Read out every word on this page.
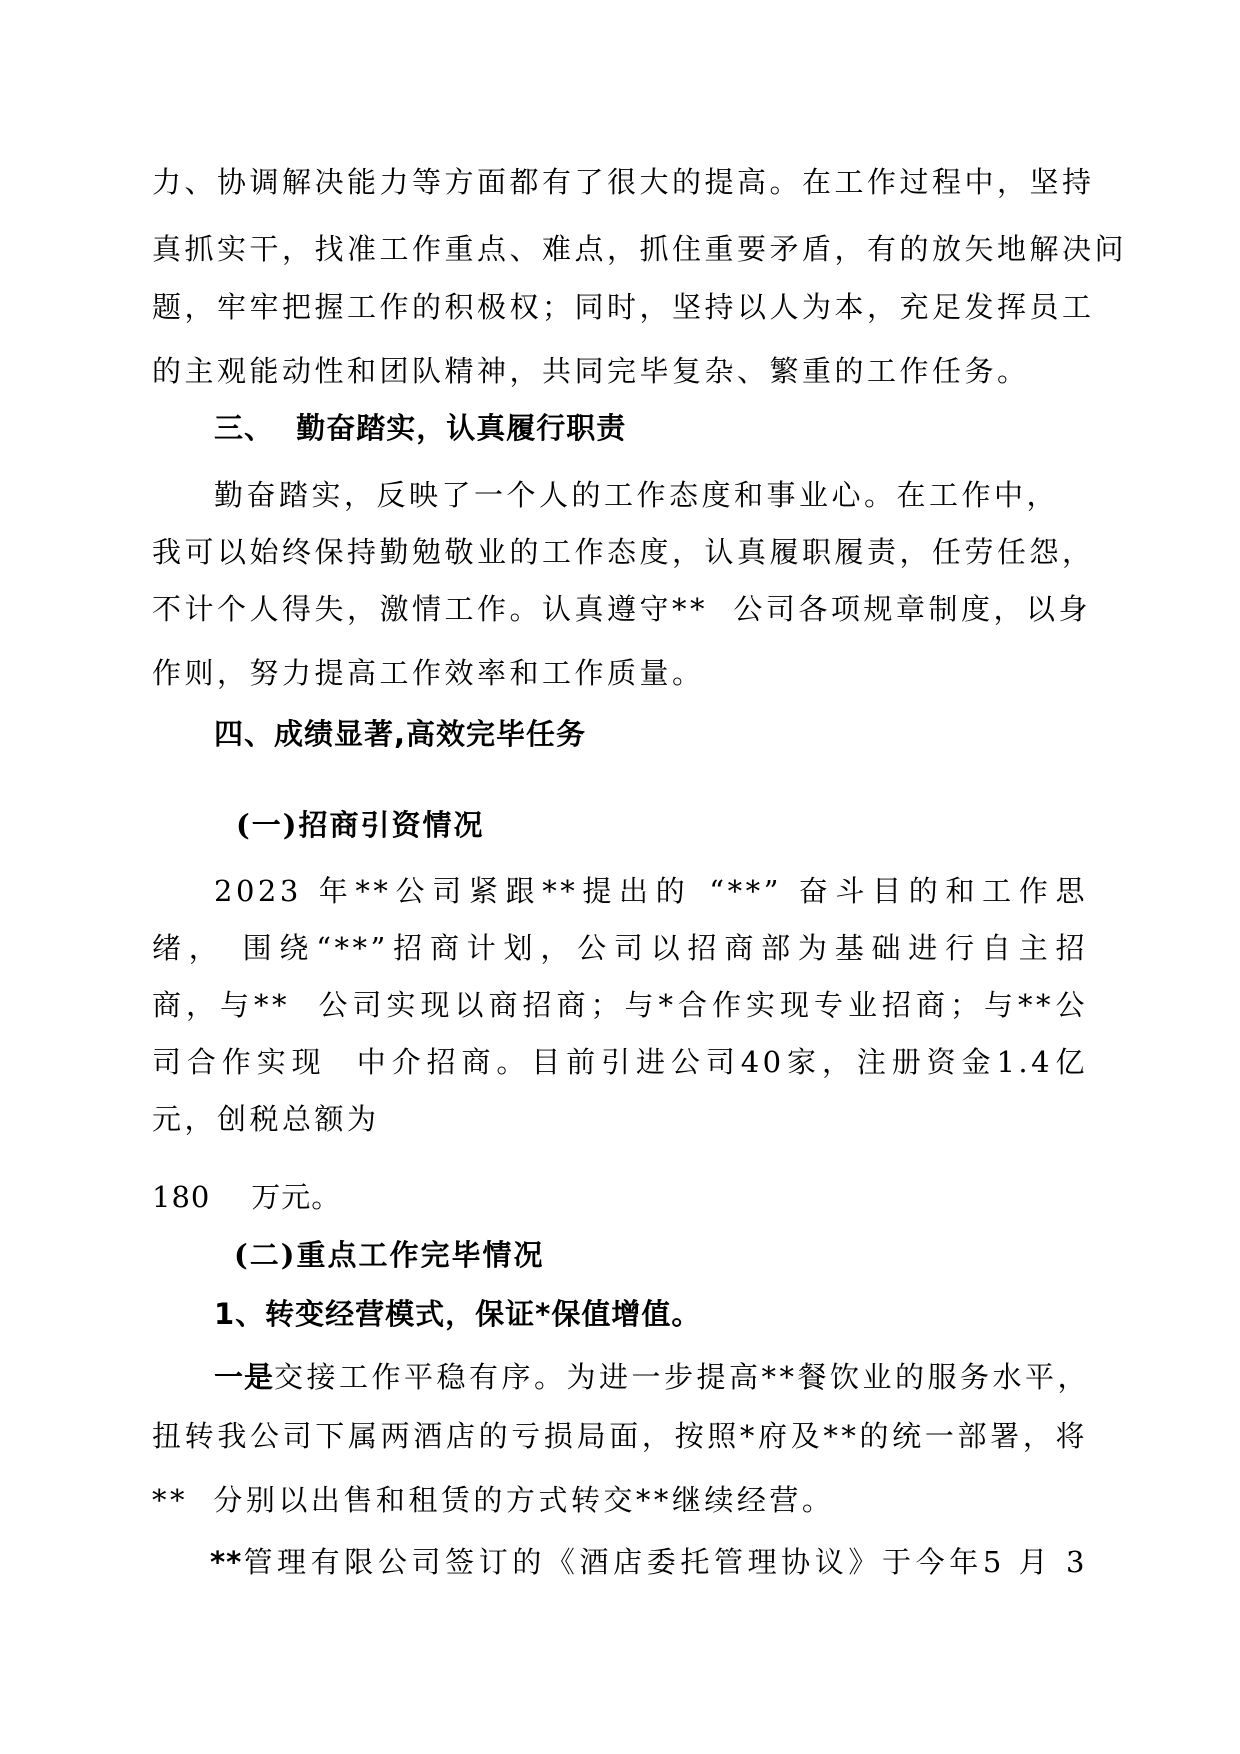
力、协调解决能力等方面都有了很大的提高。在工作过程中，坚持
真抓实干，找准工作重点、难点，抓住重要矛盾，有的放矢地解决问
题，牢牢把握工作的积极权；同时，坚持以人为本，充足发挥员工
的主观能动性和团队精神，共同完毕复杂、繁重的工作任务。
三、  勤奋踏实，认真履行职责
勤奋踏实，反映了一个人的工作态度和事业心。在工作中，
我可以始终保持勤勉敬业的工作态度，认真履职履责，任劳任怨，
不计个人得失，激情工作。认真遵守**  公司各项规章制度，以身
作则，努力提高工作效率和工作质量。
四、成绩显著,高效完毕任务
(一)招商引资情况
2023 年**公司紧跟**提出的 “**” 奋斗目的和工作思
绪， 围绕“**”招商计划，公司以招商部为基础进行自主招
商，与**  公司实现以商招商；与*合作实现专业招商；与**公
司合作实现  中介招商。目前引进公司40家，注册资金1.4亿
元，创税总额为
180    万元。
(二)重点工作完毕情况
1、转变经营模式，保证*保值增值。
一是交接工作平稳有序。为进一步提高**餐饮业的服务水平，
扭转我公司下属两酒店的亏损局面，按照*府及**的统一部署，将
**  分别以出售和租赁的方式转交**继续经营。
**管理有限公司签订的《酒店委托管理协议》于今年5 月 3
